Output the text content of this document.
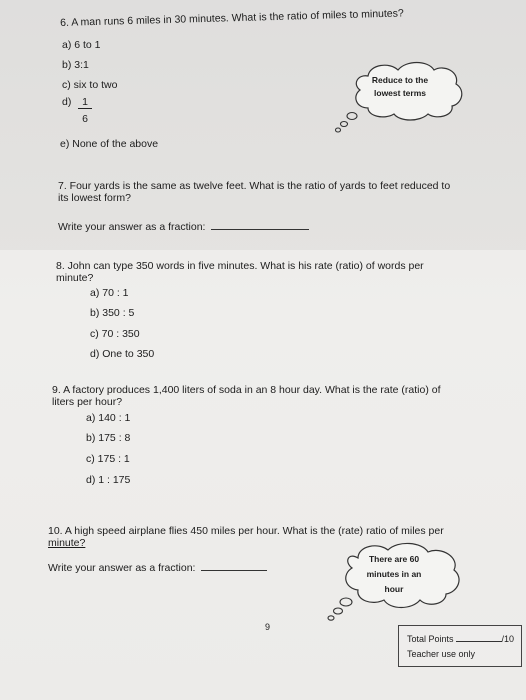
6. A man runs 6 miles in 30 minutes. What is the ratio of miles to minutes?
a) 6 to 1
b) 3:1
c) six to two
$d) \frac{1}{6}$
e) None of the above
Reduce to the
lowest terms
7. Four yards is the same as twelve feet. What is the ratio of yards to feet reduced to
its lowest form?
Write your answer as a fraction:
8. John can type 350 words in five minutes. What is his rate (ratio) of words per
minute?
a) 70 : 1
b) 350 : 5
c) 70 : 350
d) One to 350
9. A factory produces 1,400 liters of soda in an 8 hour day. What is the rate (ratio) of
liters per hour?
a) 140 : 1
b) 175 : 8
c) 175 : 1
d) 1 : 175
10. A high speed airplane flies 450 miles per hour. What is the (rate) ratio of miles per
minute?
Write your answer as a fraction:
There are 60
minutes in an
hour
9
Total Points	/10
Teacher use only
